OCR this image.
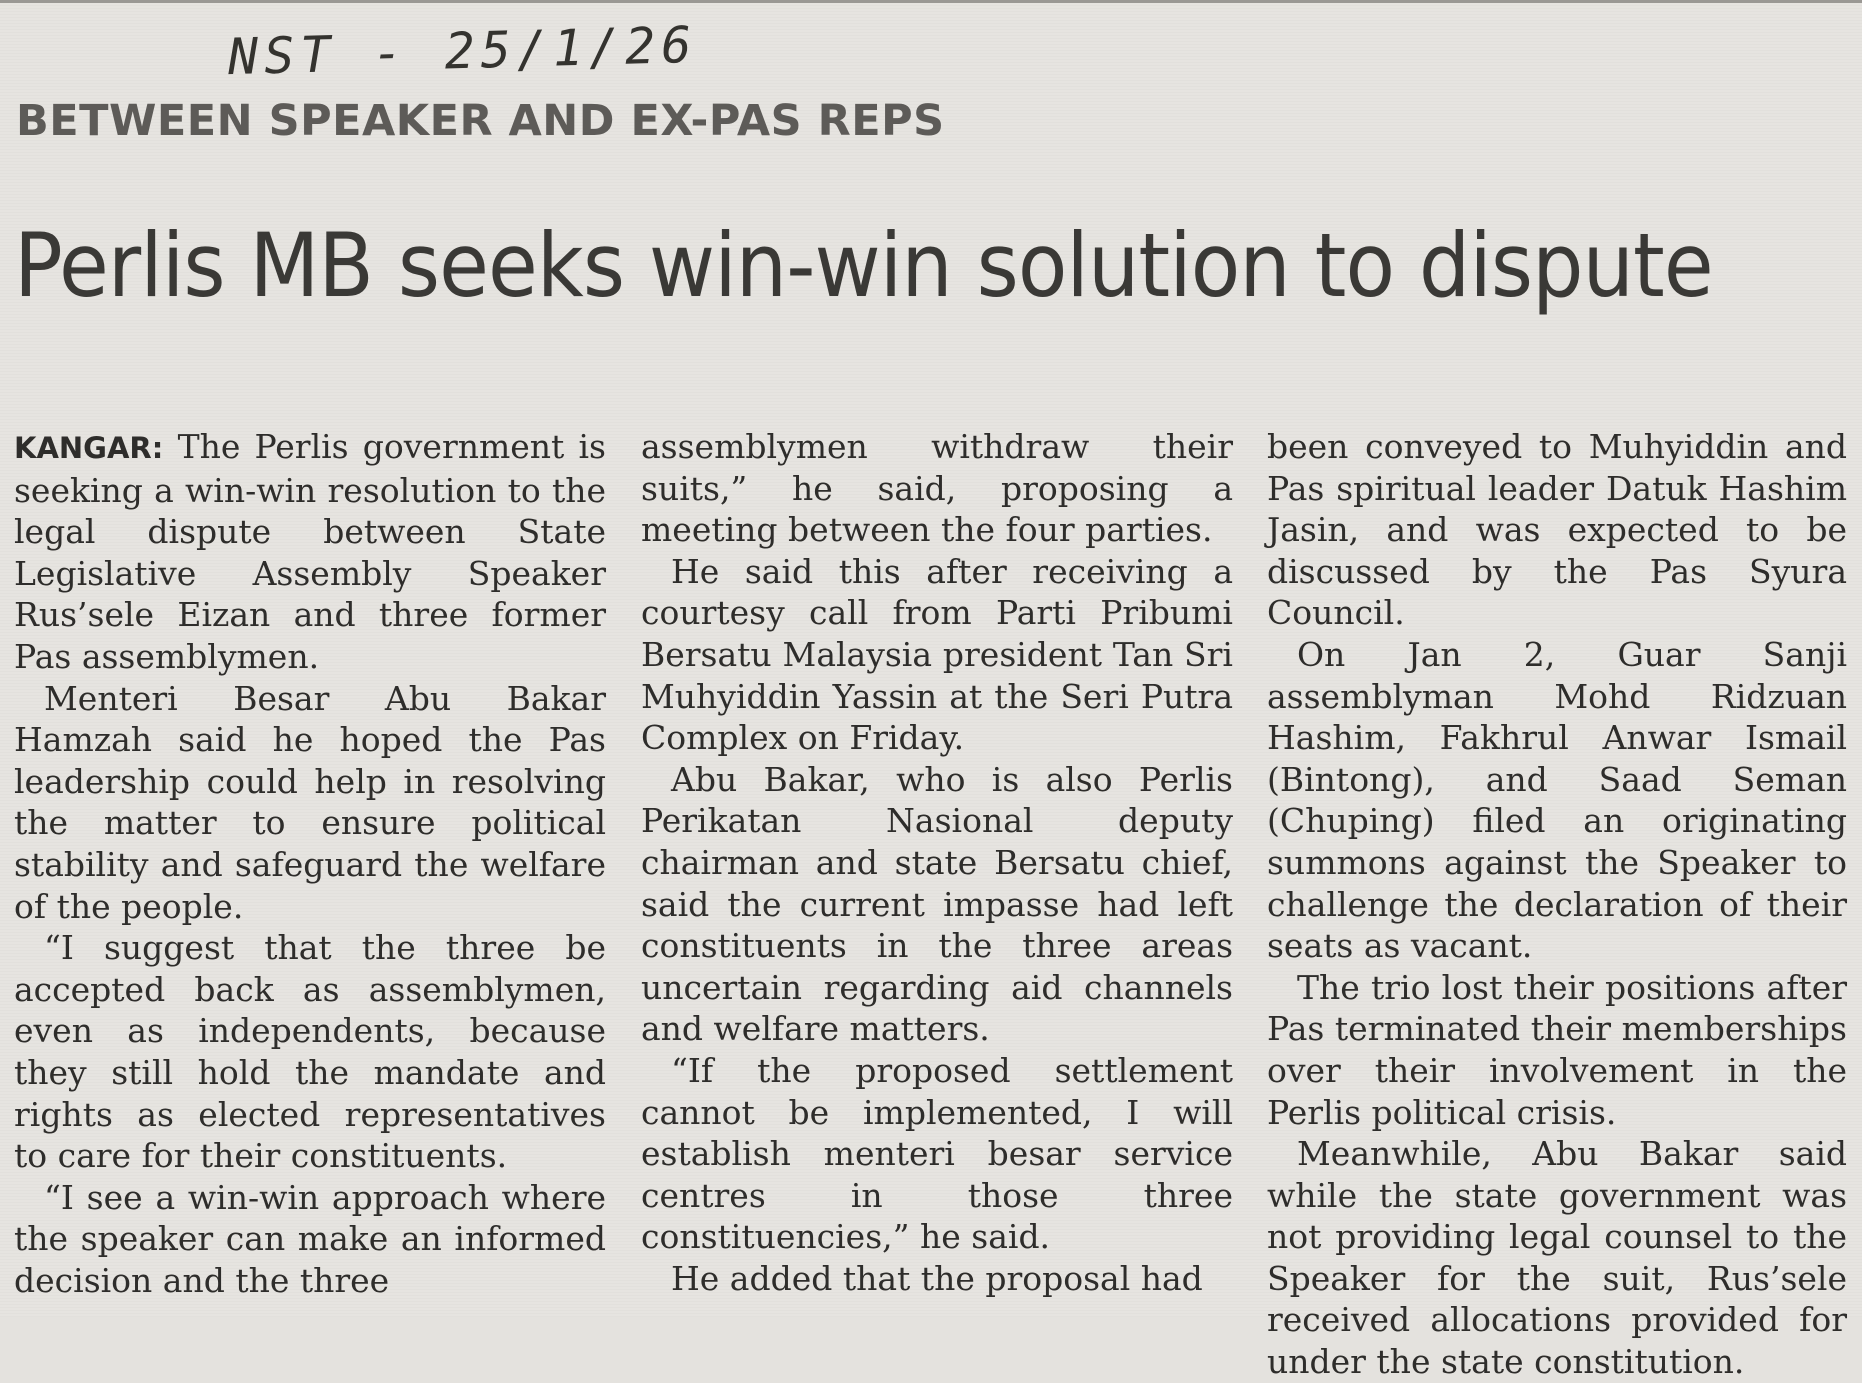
NST - 25/1/26
BETWEEN SPEAKER AND EX-PAS REPS
Perlis MB seeks win-win solution to dispute

KANGAR: The Perlis government is seeking a win-win resolution to the legal dispute between State Legislative Assembly Speaker Rus’sele Eizan and three former Pas assemblymen.

Menteri Besar Abu Bakar Hamzah said he hoped the Pas leadership could help in resolving the matter to ensure political stability and safeguard the welfare of the people.

“I suggest that the three be accepted back as assemblymen, even as independents, because they still hold the mandate and rights as elected representatives to care for their constituents.

“I see a win-win approach where the speaker can make an informed decision and the three

assemblymen withdraw their suits,” he said, proposing a meeting between the four parties.

He said this after receiving a courtesy call from Parti Pribumi Bersatu Malaysia president Tan Sri Muhyiddin Yassin at the Seri Putra Complex on Friday.

Abu Bakar, who is also Perlis Perikatan Nasional deputy chairman and state Bersatu chief, said the current impasse had left constituents in the three areas uncertain regarding aid channels and welfare matters.

“If the proposed settlement cannot be implemented, I will establish menteri besar service centres in those three constituencies,” he said.

He added that the proposal had

been conveyed to Muhyiddin and Pas spiritual leader Datuk Hashim Jasin, and was expected to be discussed by the Pas Syura Council.

On Jan 2, Guar Sanji assemblyman Mohd Ridzuan Hashim, Fakhrul Anwar Ismail (Bintong), and Saad Seman (Chuping) filed an originating summons against the Speaker to challenge the declaration of their seats as vacant.

The trio lost their positions after Pas terminated their memberships over their involvement in the Perlis political crisis.

Meanwhile, Abu Bakar said while the state government was not providing legal counsel to the Speaker for the suit, Rus’sele received allocations provided for under the state constitution.
